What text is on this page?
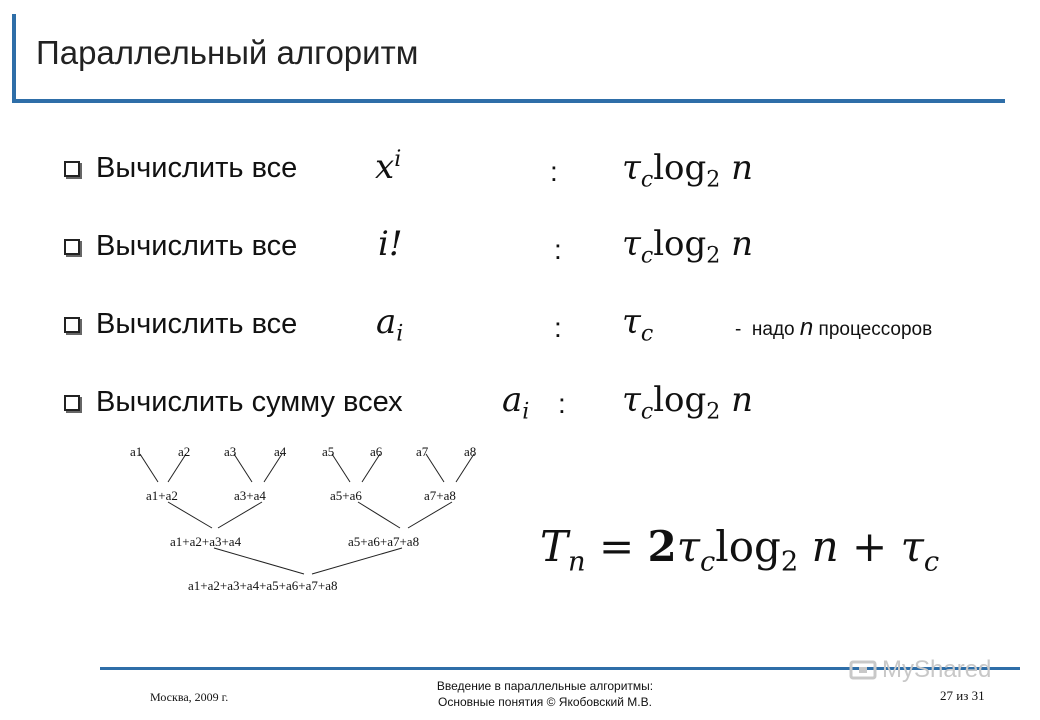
Параллельный алгоритм
Вычислить все $x^i$	: $\tau_c\log_2$ n
Вычислить все i!	: $\tau_c\log_2$ n
Вычислить все $a_i$	: $\tau_c$	- надо n процессоров
Вычислить сумму всех	$a_i$ : $\tau_c\log_2$ n
a1	a2	a3	a4	a5	a6	a7	a8
a1+a2	a3+a4	a5+a6	a7+a8
a1+a2+a3+a4	a5+a6+a7+a8
a1+a2+a3+a4+a5+a6+a7+a8
$T_n = 2\tau_c\log_2$ $n + \tau_c$
Москва, 2009 г.
Введение в параллельные алгоритмы:
Основные понятия © Якобовский М.В.	27 из 31
MyShared
